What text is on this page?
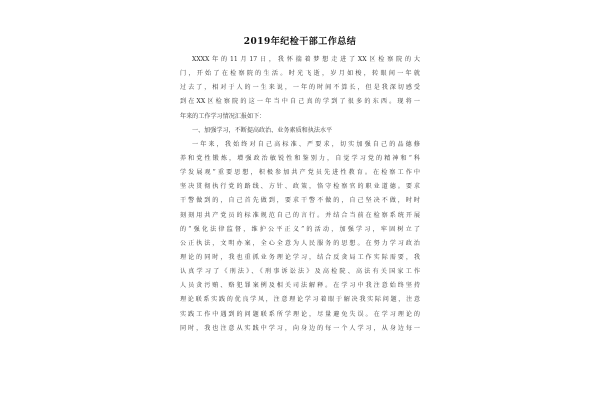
2019年纪检干部工作总结
XXXX年的11月17日，我怀揣着梦想走进了XX区检察院的大
门，开始了在检察院的生活。时光飞逝，岁月如梭，转眼间一年就
过去了，相对于人的一生来说，一年的时间不算长，但是我深切感受
到在XX区检察院的这一年当中自己真的学到了很多的东西。现将一
年来的工作学习情况汇报如下：
一、加强学习，不断提高政治、业务素质和执法水平
一年来，我始终对自己高标准、严要求，切实加强自己的品德修
养和党性锻炼，增强政治敏锐性和鉴别力，自觉学习党的精神和“科
学发展观”重要思想，积极参加共产党员先进性教育。在检察工作中
坚决贯彻执行党的路线、方针、政策，恪守检察官的职业道德。要求
干警做到的，自己首先做到，要求干警不做的，自己坚决不做，时时
刻刻用共产党员的标准规范自己的言行。并结合当前在检察系统开展
的“强化法律监督，维护公平正义”的活动，加强学习，牢固树立了
公正执法，文明办案，全心全意为人民服务的思想。在努力学习政治
理论的同时，我也重抓业务理论学习，结合反贪局工作实际需要，我
认真学习了《刑法》、《刑事诉讼法》及高检院、高法有关国家工作
人员贪污贿、赂犯罪案例及相关司法解释。在学习中我注意始终坚持
理论联系实践的优良学风，注意理论学习着眼于解决我实际问题，注意
实践工作中遇到的问题联系所学理论，尽量避免失误。在学习理论的
同时，我也注意从实践中学习，向身边的每一个人学习，从身边每一
